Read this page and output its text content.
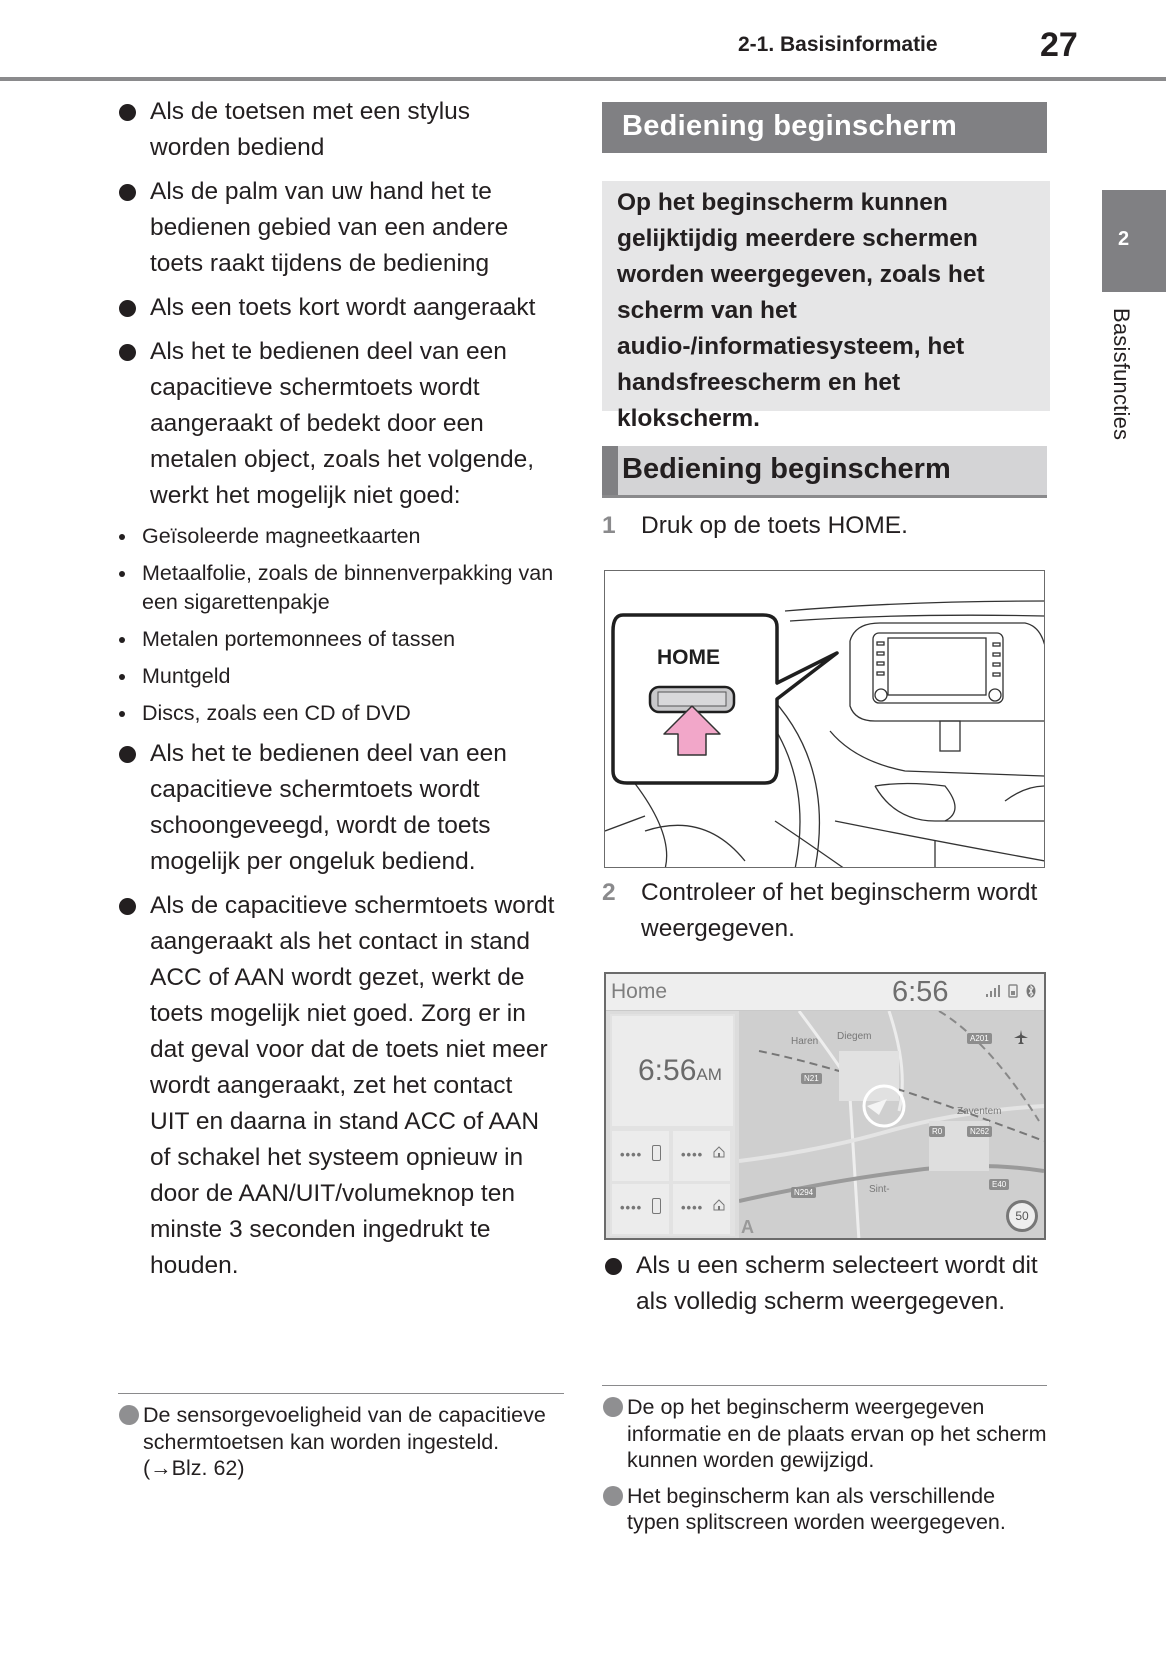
2-1. Basisinformatie	27
2
Basisfuncties
Als de toetsen met een stylus worden bediend
Als de palm van uw hand het te bedienen gebied van een andere toets raakt tijdens de bediening
Als een toets kort wordt aangeraakt
Als het te bedienen deel van een capacitieve schermtoets wordt aangeraakt of bedekt door een metalen object, zoals het volgende, werkt het mogelijk niet goed:
Geïsoleerde magneetkaarten
Metaalfolie, zoals de binnenverpakking van een sigarettenpakje
Metalen portemonnees of tassen
Muntgeld
Discs, zoals een CD of DVD
Als het te bedienen deel van een capacitieve schermtoets wordt schoongeveegd, wordt de toets mogelijk per ongeluk bediend.
Als de capacitieve schermtoets wordt aangeraakt als het contact in stand ACC of AAN wordt gezet, werkt de toets mogelijk niet goed. Zorg er in dat geval voor dat de toets niet meer wordt aangeraakt, zet het contact UIT en daarna in stand ACC of AAN of schakel het systeem opnieuw in door de AAN/UIT/volumeknop ten minste 3 seconden ingedrukt te houden.
De sensorgevoeligheid van de capacitieve schermtoetsen kan worden ingesteld. (→Blz. 62)
Bediening beginscherm
Op het beginscherm kunnen gelijktijdig meerdere schermen worden weergegeven, zoals het scherm van het audio-/informatiesysteem, het handsfreescherm en het klokscherm.
Bediening beginscherm
1	Druk op de toets HOME.
HOME
2	Controleer of het beginscherm wordt weergegeven.
Home	6:56
6:56AM
••••	••••
••••	••••
Diegem
Haren
Zaventem
Sint-
N21
A201
R0	N262
N294
E40
A
50
Als u een scherm selecteert wordt dit als volledig scherm weergegeven.
De op het beginscherm weergegeven informatie en de plaats ervan op het scherm kunnen worden gewijzigd.
Het beginscherm kan als verschillende typen splitscreen worden weergegeven.
